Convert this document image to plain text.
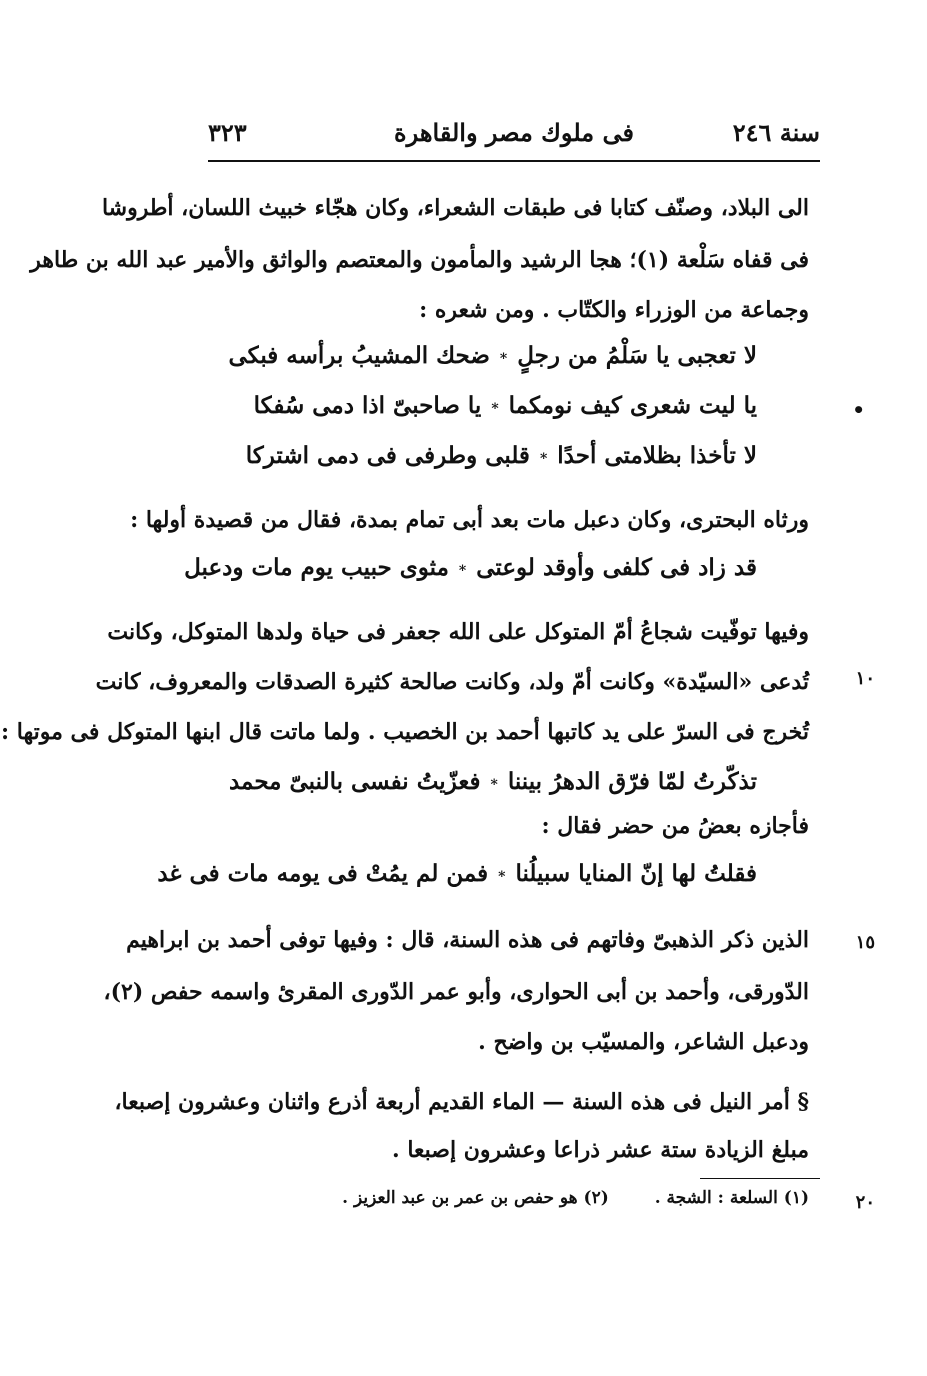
سنة ٢٤٦
فى ملوك مصر والقاهرة
٣٢٣
الى البلاد، وصنّف كتابا فى طبقات الشعراء، وكان هجّاء خبيث اللسان، أطروشا
فى قفاه سَلْعة (١)؛ هجا الرشيد والمأمون والمعتصم والواثق والأمير عبد الله بن طاهر
وجماعة من الوزراء والكتّاب . ومن شعره :
لا تعجبى يا سَلْمُ من رجلٍ*ضحك المشيبُ برأسه فبكى
يا ليت شعرى كيف نومكما*يا صاحبىّ اذا دمى سُفكا	•
لا تأخذا بظلامتى أحدًا*قلبى وطرفى فى دمى اشتركا
ورثاه البحترى، وكان دعبل مات بعد أبى تمام بمدة، فقال من قصيدة أولها :
قد زاد فى كلفى وأوقد لوعتى*مثوى حبيب يوم مات ودعبل
وفيها توفّيت شجاعُ أمّ المتوكل على الله جعفر فى حياة ولدها المتوكل، وكانت
تُدعى «السيّدة» وكانت أمّ ولد، وكانت صالحة كثيرة الصدقات والمعروف، كانت	١٠
تُخرج فى السرّ على يد كاتبها أحمد بن الخصيب . ولما ماتت قال ابنها المتوكل فى موتها :
تذكّرتُ لمّا فرّق الدهرُ بيننا*فعزّيتُ نفسى بالنبىّ محمد
فأجازه بعضُ من حضر فقال :
فقلتُ لها إنّ المنايا سبيلُنا*فمن لم يمُتْ فى يومه مات فى غد
الذين ذكر الذهبىّ وفاتهم فى هذه السنة، قال : وفيها توفى أحمد بن ابراهيم	١٥
الدّورقى، وأحمد بن أبى الحوارى، وأبو عمر الدّورى المقرئ واسمه حفص (٢)،
ودعبل الشاعر، والمسيّب بن واضح .
§ أمر النيل فى هذه السنة — الماء القديم أربعة أذرع واثنان وعشرون إصبعا،
مبلغ الزيادة ستة عشر ذراعا وعشرون إصبعا .
٢٠
(١) السلعة : الشجة . (٢) هو حفص بن عمر بن عبد العزيز .
